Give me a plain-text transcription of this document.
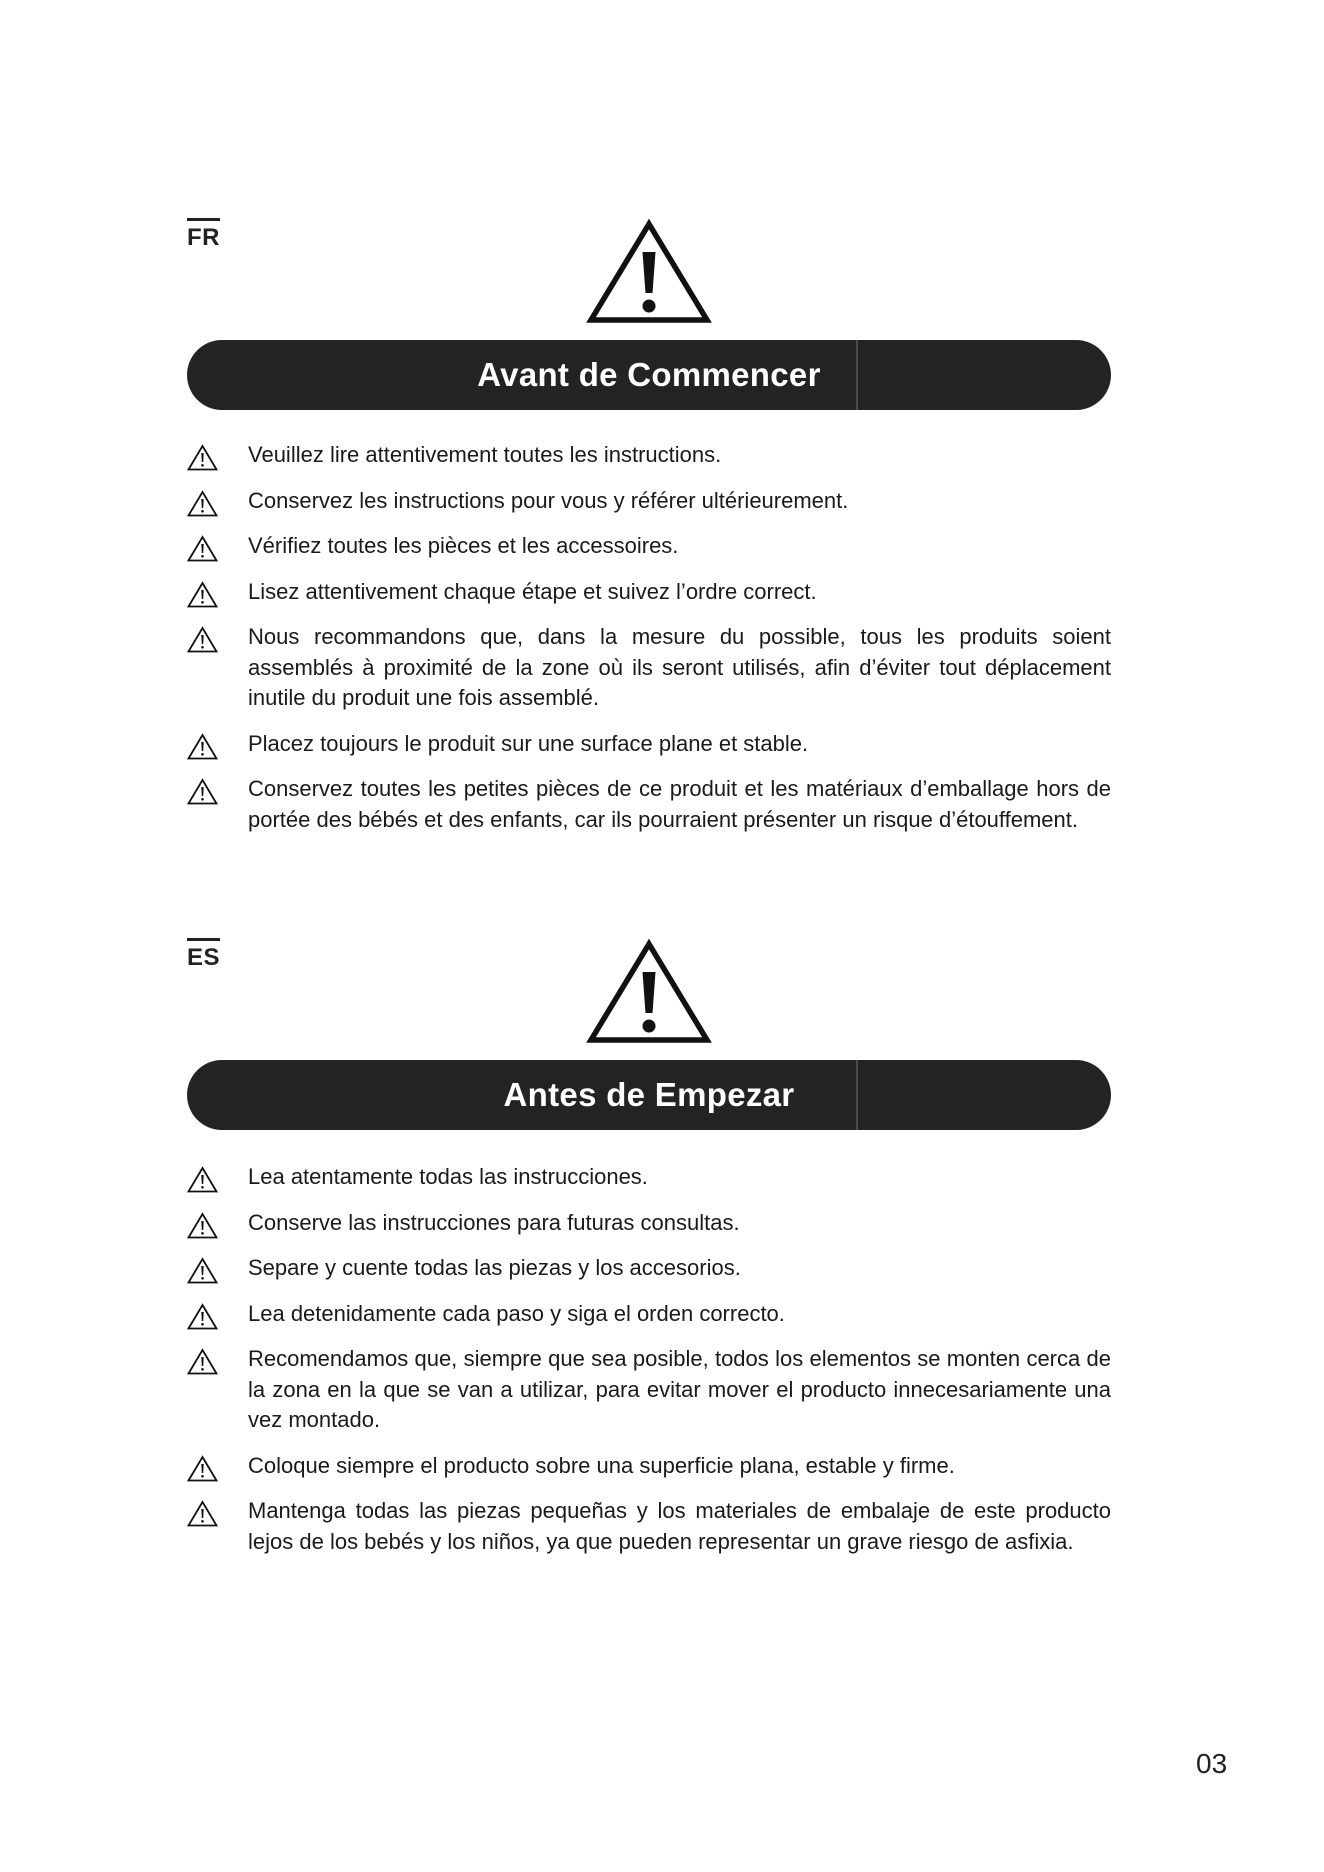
FR
Avant de Commencer
Veuillez lire attentivement toutes les instructions.
Conservez les instructions pour vous y référer ultérieurement.
Vérifiez toutes les pièces et les accessoires.
Lisez attentivement chaque étape et suivez l’ordre correct.
Nous recommandons que, dans la mesure du possible, tous les produits soient assemblés à proximité de la zone où ils seront utilisés, afin d’éviter tout déplacement inutile du produit une fois assemblé.
Placez toujours le produit sur une surface plane et stable.
Conservez toutes les petites pièces de ce produit et les matériaux d’emballage hors de portée des bébés et des enfants, car ils pourraient présenter un risque d’étouffement.
ES
Antes de Empezar
Lea atentamente todas las instrucciones.
Conserve las instrucciones para futuras consultas.
Separe y cuente todas las piezas y los accesorios.
Lea detenidamente cada paso y siga el orden correcto.
Recomendamos que, siempre que sea posible, todos los elementos se monten cerca de la zona en la que se van a utilizar, para evitar mover el producto innecesariamente una vez montado.
Coloque siempre el producto sobre una superficie plana, estable y firme.
Mantenga todas las piezas pequeñas y los materiales de embalaje de este producto lejos de los bebés y los niños, ya que pueden representar un grave riesgo de asfixia.
03
